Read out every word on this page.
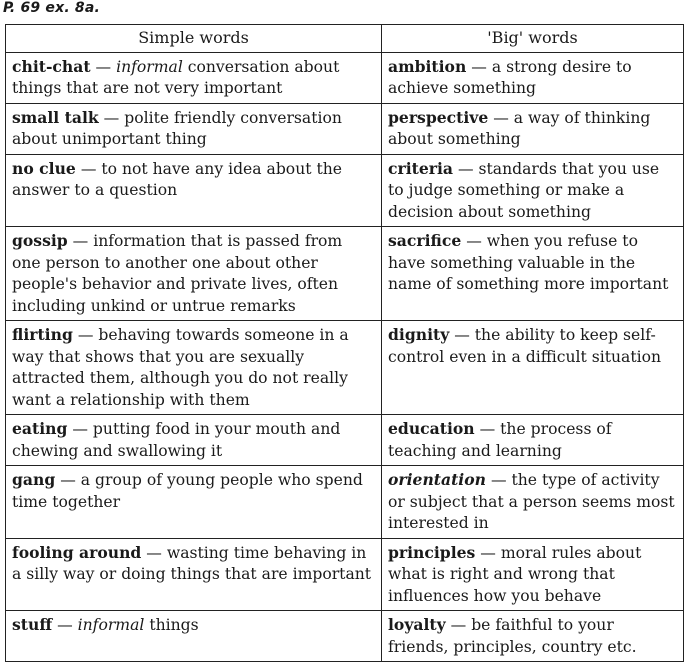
P. 69 ex. 8a.
Simple words	'Big' words
chit-chat — informal conversation about things that are not very important	ambition — a strong desire to achieve something
small talk — polite friendly conversation about unimportant thing	perspective — a way of thinking about something
no clue — to not have any idea about the answer to a question	criteria — standards that you use to judge something or make a decision about something
gossip — information that is passed from one person to another one about other people's behavior and private lives, often including unkind or untrue remarks	sacrifice — when you refuse to have something valuable in the name of something more important
flirting — behaving towards someone in a way that shows that you are sexually attracted them, although you do not really want a relationship with them	dignity — the ability to keep self-control even in a difficult situation
eating — putting food in your mouth and chewing and swallowing it	education — the process of teaching and learning
gang — a group of young people who spend time together	orientation — the type of activity or subject that a person seems most interested in
fooling around — wasting time behaving in a silly way or doing things that are important	principles — moral rules about what is right and wrong that influences how you behave
stuff — informal things	loyalty — be faithful to your friends, principles, country etc.
